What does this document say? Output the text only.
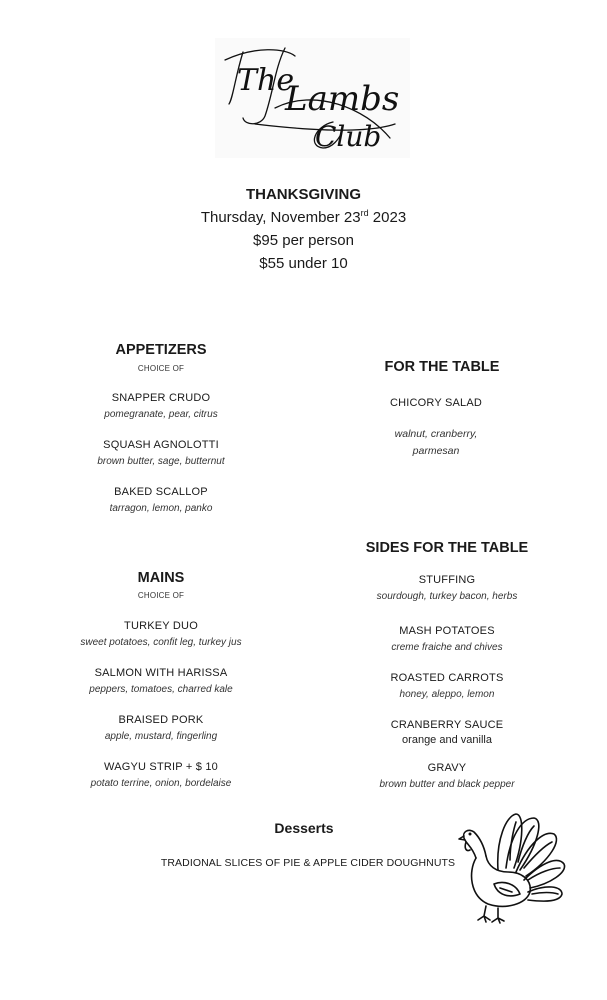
The
Lambs
Club
THANKSGIVING
Thursday, November 23rd 2023
$95 per person
$55 under 10
APPETIZERS
CHOICE OF
SNAPPER CRUDO
pomegranate, pear, citrus
SQUASH AGNOLOTTI
brown butter, sage, butternut
BAKED SCALLOP
tarragon, lemon, panko
FOR THE TABLE
CHICORY SALAD
walnut, cranberry,
parmesan
MAINS
CHOICE OF
TURKEY DUO
sweet potatoes, confit leg, turkey jus
SALMON WITH HARISSA
peppers, tomatoes, charred kale
BRAISED PORK
apple, mustard, fingerling
WAGYU STRIP + $ 10
potato terrine, onion, bordelaise
SIDES FOR THE TABLE
STUFFING
sourdough, turkey bacon, herbs
MASH POTATOES
creme fraiche and chives
ROASTED CARROTS
honey, aleppo, lemon
CRANBERRY SAUCE
orange and vanilla
GRAVY
brown butter and black pepper
Desserts
TRADIONAL SLICES OF PIE & APPLE CIDER DOUGHNUTS
